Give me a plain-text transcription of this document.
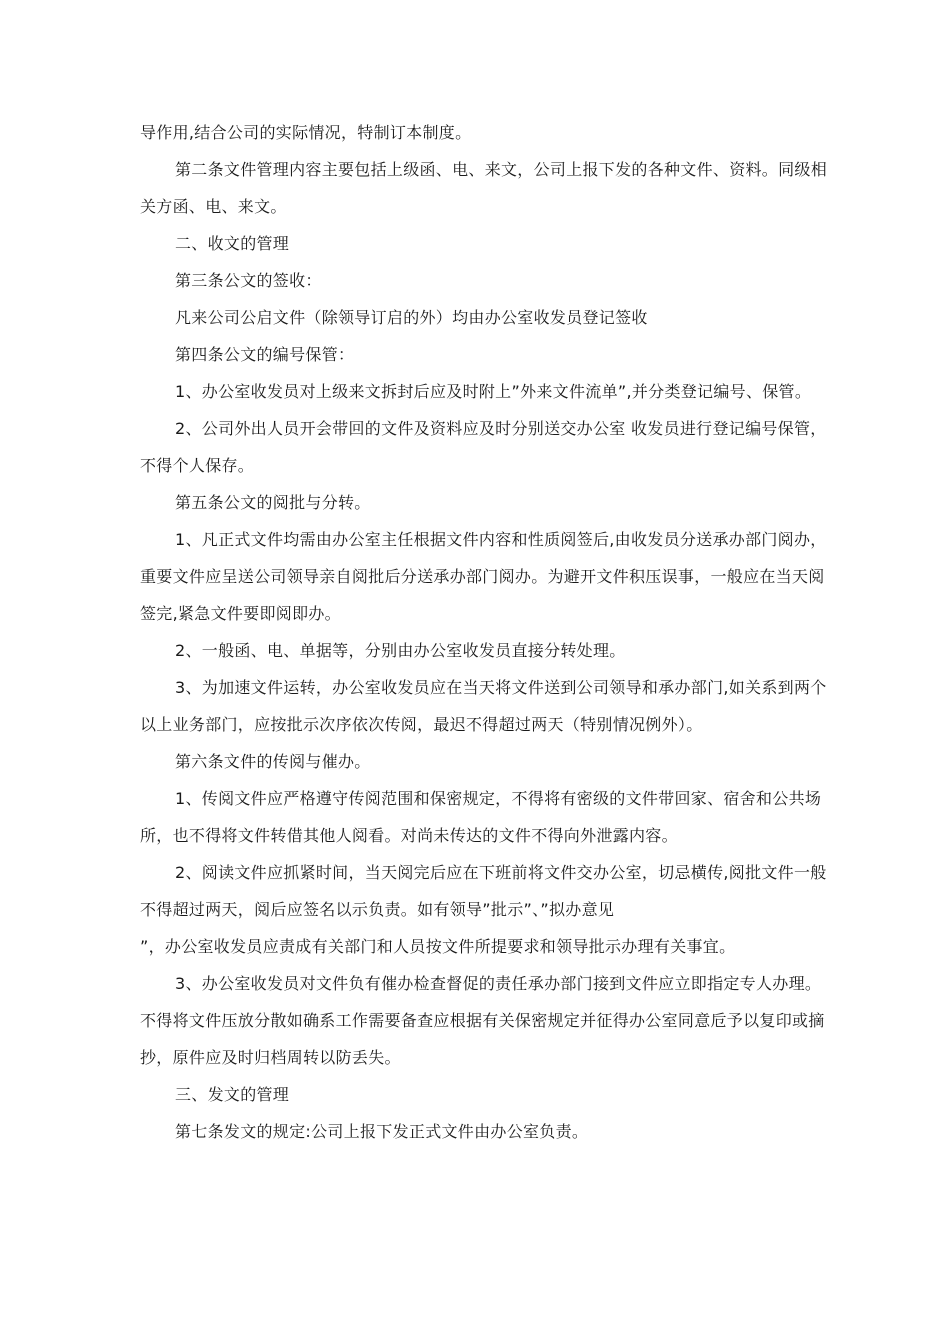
导作用,结合公司的实际情况，特制订本制度。

第二条文件管理内容主要包括上级函、电、来文，公司上报下发的各种文件、资料。同级相关方函、电、来文。

二、收文的管理

第三条公文的签收：

凡来公司公启文件（除领导订启的外）均由办公室收发员登记签收

第四条公文的编号保管：

1、办公室收发员对上级来文拆封后应及时附上”外来文件流单”,并分类登记编号、保管。

2、公司外出人员开会带回的文件及资料应及时分别送交办公室 收发员进行登记编号保管，不得个人保存。

第五条公文的阅批与分转。

1、凡正式文件均需由办公室主任根据文件内容和性质阅签后,由收发员分送承办部门阅办，重要文件应呈送公司领导亲自阅批后分送承办部门阅办。为避开文件积压误事，一般应在当天阅签完,紧急文件要即阅即办。

2、一般函、电、单据等，分别由办公室收发员直接分转处理。

3、为加速文件运转，办公室收发员应在当天将文件送到公司领导和承办部门,如关系到两个以上业务部门，应按批示次序依次传阅，最迟不得超过两天（特别情况例外）。

第六条文件的传阅与催办。

1、传阅文件应严格遵守传阅范围和保密规定，不得将有密级的文件带回家、宿舍和公共场所，也不得将文件转借其他人阅看。对尚未传达的文件不得向外泄露内容。

2、阅读文件应抓紧时间，当天阅完后应在下班前将文件交办公室，切忌横传,阅批文件一般不得超过两天，阅后应签名以示负责。如有领导”批示”、”拟办意见
”，办公室收发员应责成有关部门和人员按文件所提要求和领导批示办理有关事宜。

3、办公室收发员对文件负有催办检查督促的责任承办部门接到文件应立即指定专人办理。不得将文件压放分散如确系工作需要备查应根据有关保密规定并征得办公室同意卮予以复印或摘抄，原件应及时归档周转以防丢失。

三、发文的管理

第七条发文的规定:公司上报下发正式文件由办公室负责。
